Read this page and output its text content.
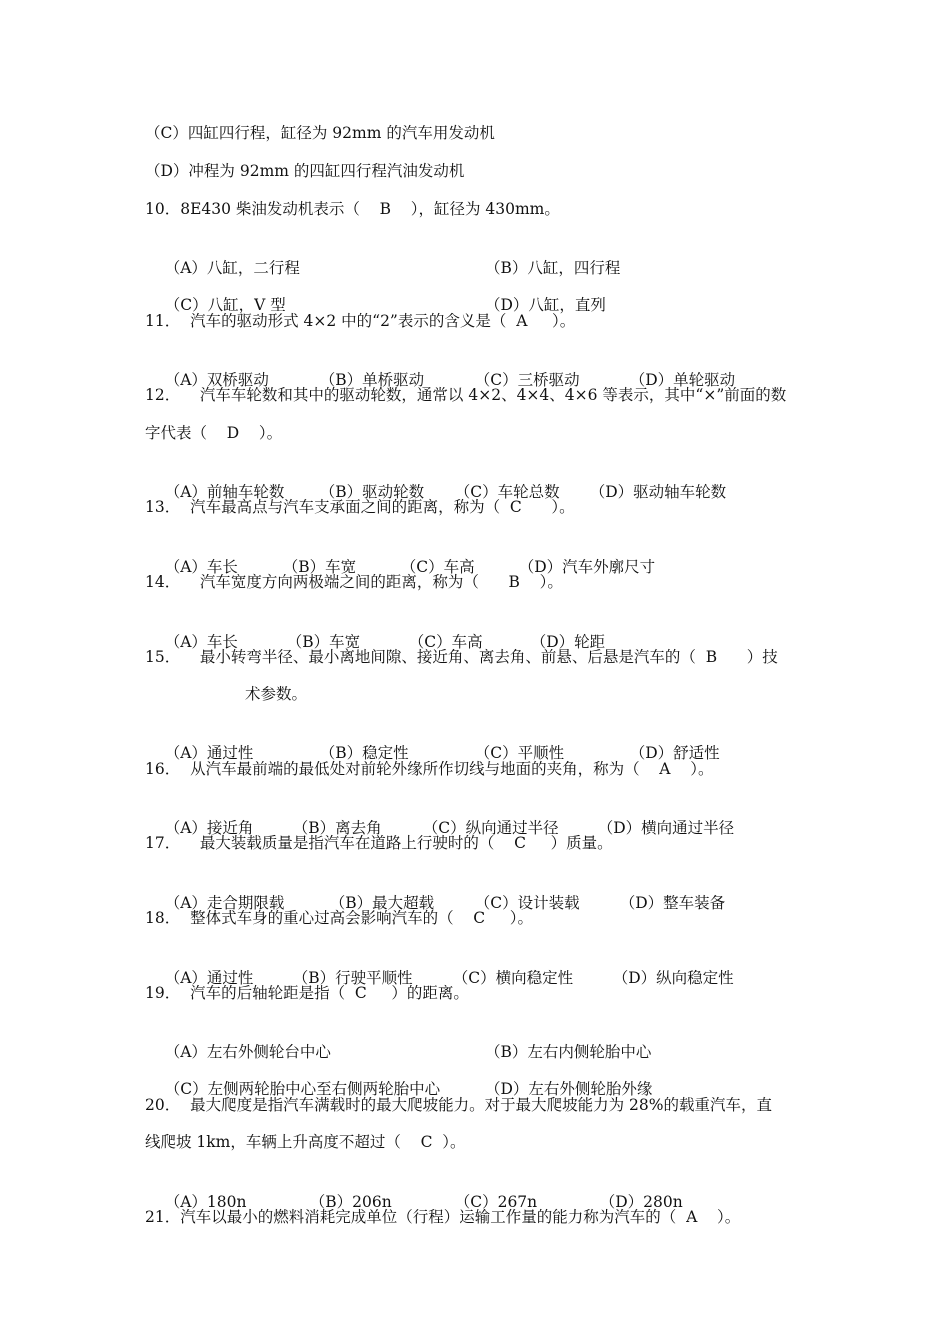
（C）四缸四行程，缸径为 92mm 的汽车用发动机
（D）冲程为 92mm 的四缸四行程汽油发动机
10．8E430 柴油发动机表示（    B    ），缸径为 430mm。

（A）八缸，二行程	（B）八缸，四行程

（C）八缸，V 型	（D）八缸，直列

11．  汽车的驱动形式 4×2 中的“2”表示的含义是（  A     ）。

（A）双桥驱动	（B）单桥驱动	（C）三桥驱动	（D）单轮驱动

12．    汽车车轮数和其中的驱动轮数，通常以 4×2、4×4、4×6 等表示，其中“×”前面的数
字代表（    D    ）。

（A）前轴车轮数 （B）驱动轮数 （C）车轮总数 （D）驱动轴车轮数

13．  汽车最高点与汽车支承面之间的距离，称为（  C      ）。

（A）车长	（B）车宽	（C）车高	（D）汽车外廓尺寸

14．    汽车宽度方向两极端之间的距离，称为（      B    ）。

（A）车长	（B）车宽	（C）车高	（D）轮距

15．    最小转弯半径、最小离地间隙、接近角、离去角、前悬、后悬是汽车的（  B      ）技
术参数。

（A）通过性	（B）稳定性	（C）平顺性	（D）舒适性

16．  从汽车最前端的最低处对前轮外缘所作切线与地面的夹角，称为（    A    ）。

（A）接近角	（B）离去角	（C）纵向通过半径	（D）横向通过半径

17．    最大装载质量是指汽车在道路上行驶时的（    C     ）质量。

（A）走合期限载	（B）最大超载	（C）设计装载	（D）整车装备

18．  整体式车身的重心过高会影响汽车的（    C     ）。

（A）通过性	（B）行驶平顺性	（C）横向稳定性	（D）纵向稳定性

19．  汽车的后轴轮距是指（  C     ）的距离。

（A）左右外侧轮台中心	（B）左右内侧轮胎中心

（C）左侧两轮胎中心至右侧两轮胎中心	（D）左右外侧轮胎外缘

20．  最大爬度是指汽车满载时的最大爬坡能力。对于最大爬坡能力为 28%的载重汽车，直
线爬坡 1km，车辆上升高度不超过（    C  ）。

（A）180n	（B）206n	（C）267n	（D）280n

21．汽车以最小的燃料消耗完成单位（行程）运输工作量的能力称为汽车的（  A    ）。
